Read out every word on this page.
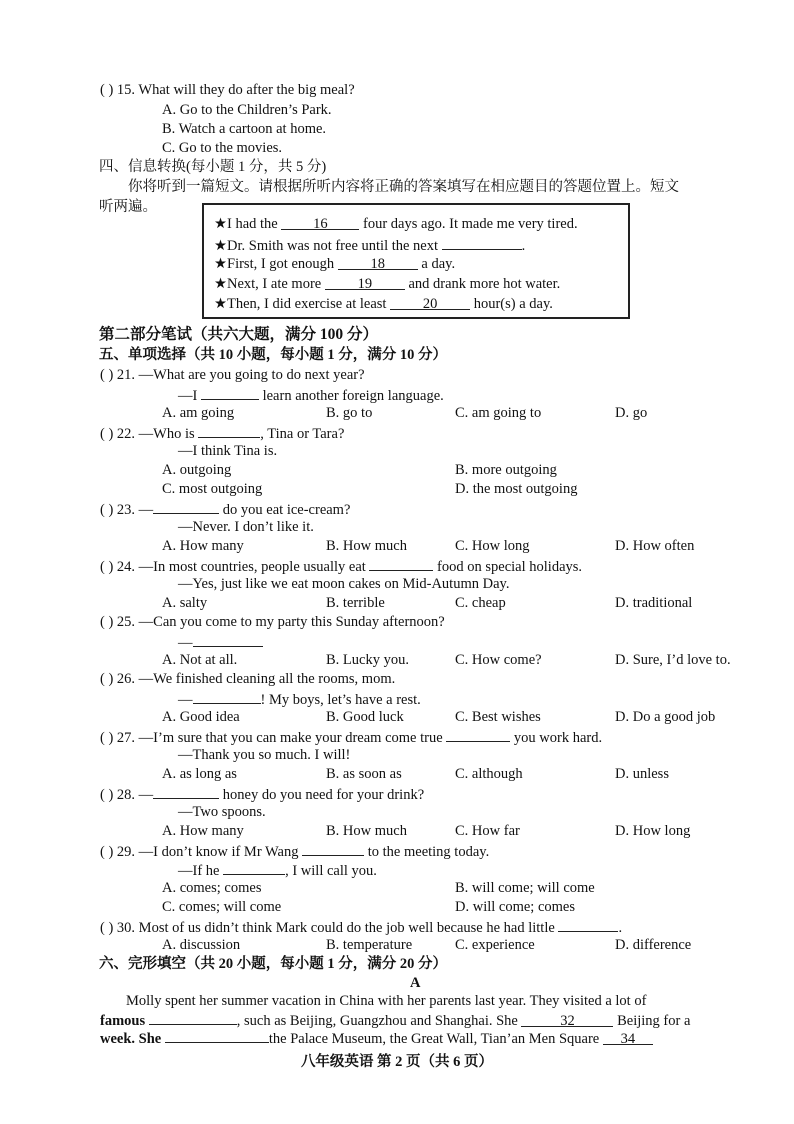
( ) 15. What will they do after the big meal?
A. Go to the Children’s Park.
B. Watch a cartoon at home.
C. Go to the movies.
四、信息转换(每小题 1 分，共 5 分)
你将听到一篇短文。请根据所听内容将正确的答案填写在相应题目的答题位置上。短文
听两遍。
★I had the 16 four days ago. It made me very tired.
★Dr. Smith was not free until the next	.
★First, I got enough	18	a day.
★Next, I ate more	19	and drank more hot water.
★Then, I did exercise at least	20	hour(s) a day.
第二部分笔试（共六大题，满分 100 分）
五、单项选择（共 10 小题，每小题 1 分，满分 10 分）
( ) 21. —What are you going to do next year?
—I	learn another foreign language.
A. am going	B. go to	C. am going to	D. go
( ) 22. —Who is	, Tina or Tara?
—I think Tina is.
A. outgoing	B. more outgoing
C. most outgoing	D. the most outgoing
( ) 23. —	do you eat ice-cream?
—Never. I don’t like it.
A. How many	B. How much	C. How long	D. How often
( ) 24. —In most countries, people usually eat	food on special holidays.
—Yes, just like we eat moon cakes on Mid-Autumn Day.
A. salty	B. terrible	C. cheap	D. traditional
( ) 25. —Can you come to my party this Sunday afternoon?
—
A. Not at all.	B. Lucky you.	C. How come?	D. Sure, I’d love to.
( ) 26. —We finished cleaning all the rooms, mom.
—	! My boys, let’s have a rest.
A. Good idea	B. Good luck	C. Best wishes	D. Do a good job
( ) 27. —I’m sure that you can make your dream come true	you work hard.
—Thank you so much. I will!
A. as long as	B. as soon as	C. although	D. unless
( ) 28. —	honey do you need for your drink?
—Two spoons.
A. How many	B. How much	C. How far	D. How long
( ) 29. —I don’t know if Mr Wang	to the meeting today.
—If he	, I will call you.
A. comes; comes	B. will come; will come
C. comes; will come	D. will come; comes
( ) 30. Most of us didn’t think Mark could do the job well because he had little	.
A. discussion	B. temperature	C. experience	D. difference
六、完形填空（共 20 小题，每小题 1 分，满分 20 分）
A
Molly spent her summer vacation in China with her parents last year. They visited a lot of
famous	, such as Beijing, Guangzhou and Shanghai. She	32	Beijing for a
week. She	the Palace Museum, the Great Wall, Tian’an Men Square 34
八年级英语 第 2 页（共 6 页）
